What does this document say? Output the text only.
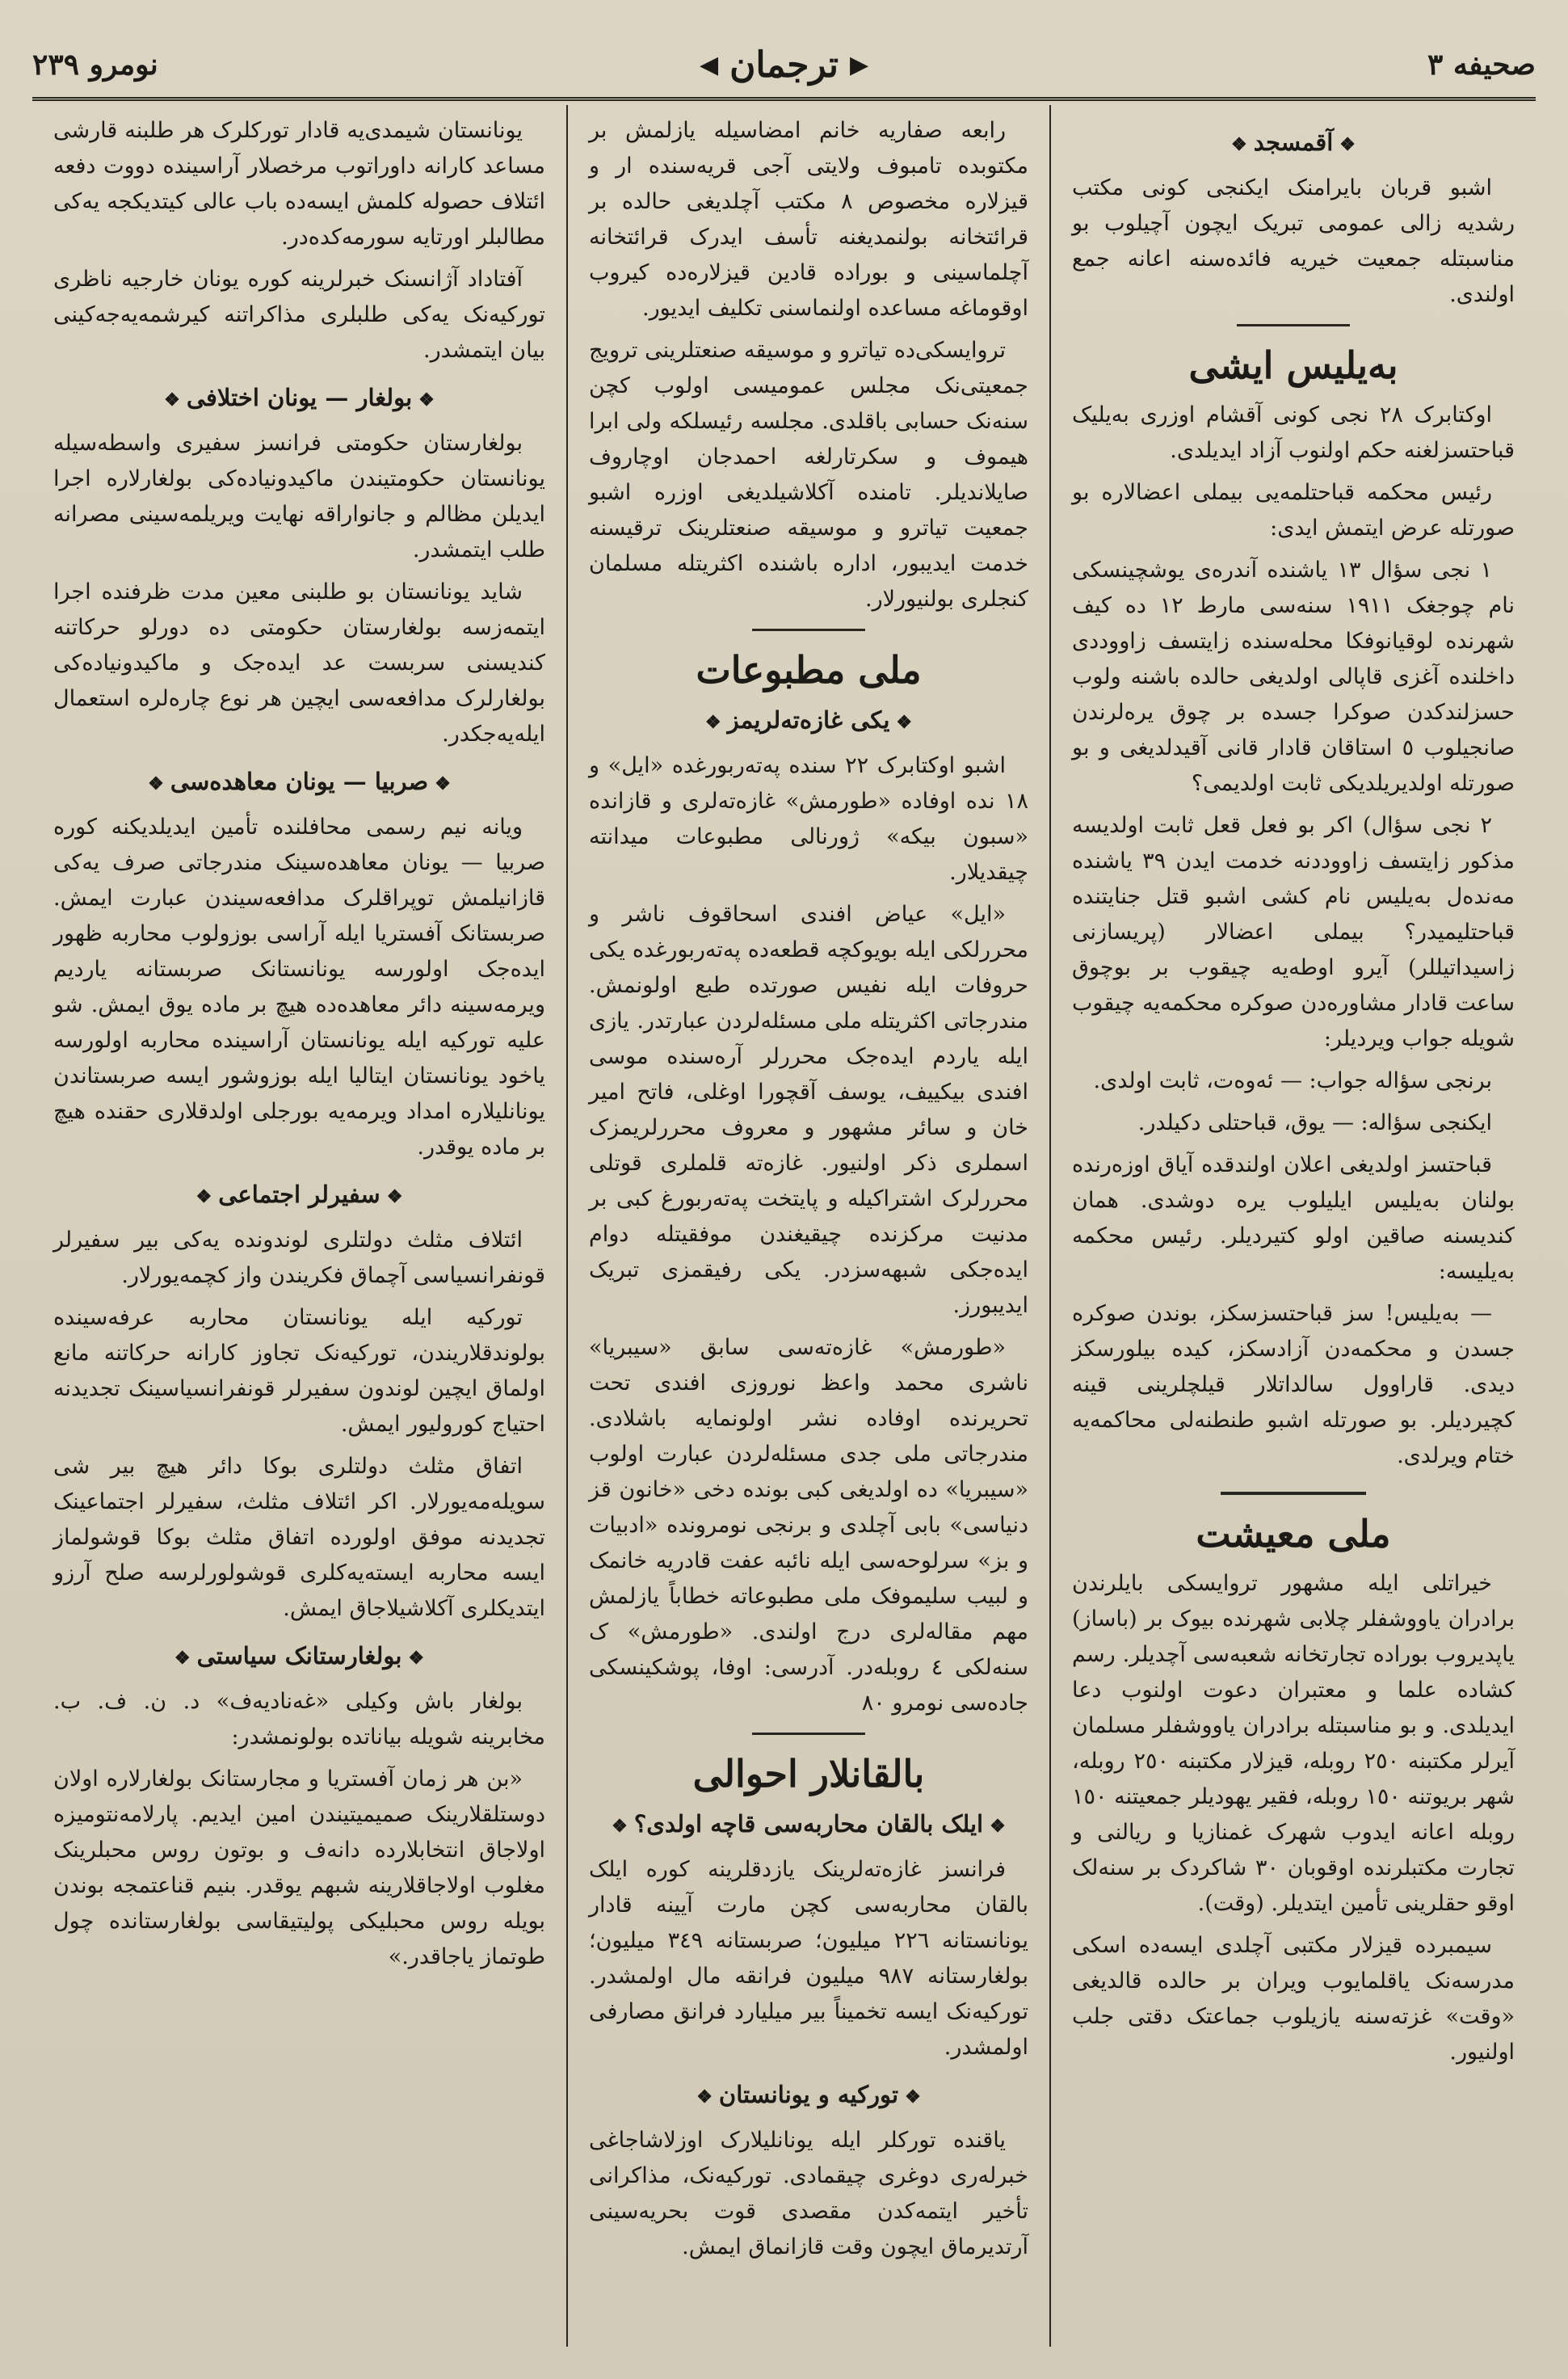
صحیفه ٣
▶
ترجمان
◀
نومرو ٢٣٩
❖آقمسجد❖

اشبو قربان بایرامنک ایکنجی کونی مکتب رشدیه زالی عمومی تبریک ایچون آچیلوب بو مناسبتله جمعیت خیریه فائده‌سنه اعانه جمع اولندی.

بەیلیس ایشی

اوکتابرک ٢٨ نجی کونی آقشام اوزری بەیلیک قباحتسزلغنه حکم اولنوب آزاد ایدیلدی.

رئیس محکمه قباحتلمەیی بیملی اعضالاره بو صورتله عرض ایتمش ایدی:

١ نجی سؤال ١٣ یاشنده آندرەی یوشچینسکی نام چوجغک ١٩١١ سنەسی مارط ١٢ ده کیف شهرنده لوقیانوفکا محله‌سنده زایتسف زاووددی داخلنده آغزی قاپالی اولدیغی حالده باشنه ولوب حسزلندکدن صوکرا جسده بر چوق یره‌لرندن صانجیلوب ٥ استاقان قادار قانی آقیدلدیغی و بو صورتله اولدیریلدیکی ثابت اولدیمی؟

٢ نجی سؤال) اکر بو فعل قعل ثابت اولدیسه مذکور زایتسف زاووددنه خدمت ایدن ٣٩ یاشنده مەندەل بەیلیس نام کشی اشبو قتل جنایتنده قباحتلیمیدر؟ بیملی اعضالار (پریسازنی زاسیداتیللر) آیرو اوطه‌یه چیقوب بر بوچوق ساعت قادار مشاوره‌دن صوکره محکمه‌یه چیقوب شویله جواب ویردیلر:

برنجی سؤاله جواب: — ئەوەت، ثابت اولدی.

ایکنجی سؤاله: — یوق، قباحتلی دکیلدر.

قباحتسز اولدیغی اعلان اولندقده آیاق اوزەرنده بولنان بەیلیس ایلیلوب یره دوشدی. همان کندیسنه صاقین اولو کتیردیلر. رئیس محکمه بەیلیسه:

— بەیلیس! سز قباحتسزسکز، بوندن صوکره جسدن و محکمه‌دن آزادسکز، کیده بیلورسکز دیدی. قاراوول سالداتلار قیلچلرینی قینه کچیردیلر. بو صورتله اشبو طنطنه‌لی محاکمه‌یه ختام ویرلدی.

ملی معیشت

خیراتلی ایله مشهور تروایسکی بایلرندن برادران یاووشفلر چلابی شهرنده بیوک بر (باساز) یاپدیروب بوراده تجارتخانه شعبه‌سی آچدیلر. رسم کشاده علما و معتبران دعوت اولنوب دعا ایدیلدی. و بو مناسبتله برادران یاووشفلر مسلمان آیرلر مکتبنه ٢٥٠ روبله، قیزلار مکتبنه ٢٥٠ روبله، شهر بریوتنه ١٥٠ روبله، فقیر یهودیلر جمعیتنه ١٥٠ روبله اعانه ایدوب شهرک غمنازیا و ریالنی و تجارت مکتبلرنده اوقوبان ٣٠ شاکردک بر سنه‌لک اوقو حقلرینی تأمین ایتدیلر. (وقت).

سیمبرده قیزلار مکتبی آچلدی ایسه‌ده اسکی مدرسه‌نک یاقلمایوب ویران بر حالده قالدیغی «وقت» غزته‌سنه یازیلوب جماعتک دقتی جلب اولنیور.

رابعه صفاریه خانم امضاسیله یازلمش بر مکتوبده تامبوف ولایتی آجی قریه‌سنده ار و قیزلاره مخصوص ٨ مکتب آچلدیغی حالده بر قرائتخانه بولنمدیغنه تأسف ایدرک قرائتخانه آچلماسینی و بوراده قادین قیزلاره‌ده کیروب اوقوماغه مساعده اولنماسنی تکلیف ایدیور.

تروایسکی‌ده تیاترو و موسیقه صنعتلرینی ترویج جمعیتی‌نک مجلس عمومیسی اولوب کچن سنه‌نک حسابی باقلدی. مجلسه رئیسلکه ولی ابرا هیموف و سکرتارلغه احمدجان اوچاروف صایلاندیلر. تامنده آکلاشیلدیغی اوزره اشبو جمعیت تیاترو و موسیقه صنعتلرینک ترقیسنه خدمت ایدیبور، اداره باشنده اکثریتله مسلمان کنجلری بولنیورلار.

ملی مطبوعات
❖یکی غازه‌ته‌لریمز❖

اشبو اوکتابرک ٢٢ سنده پەتەربورغده «ایل» و ١٨ نده اوفاده «طورمش» غازه‌ته‌لری و قازانده «سبون بیکه» ژورنالی مطبوعات میدانته چیقدیلار.

«ایل» عیاض افندی اسحاقوف ناشر و محررلکی ایله بویوکچه قطعه‌ده پەتەربورغده یکی حروفات ایله نفیس صورتده طبع اولونمش. مندرجاتی اکثریتله ملی مسئله‌لردن عبارتدر. یازی ایله یاردم ایده‌جک محررلر آره‌سنده موسی افندی بیکییف، یوسف آقچورا اوغلی، فاتح امیر خان و سائر مشهور و معروف محررلریمزک اسملری ذکر اولنیور. غازه‌ته قلملری قوتلی محررلرک اشتراکیله و پایتخت پەتەربورغ کبی بر مدنیت مرکزنده چیقیغندن موفقیتله دوام ایده‌جکی شبهه‌سزدر. یکی رفیقمزی تبریک ایدیبورز.

«طورمش» غازه‌ته‌سی سابق «سیبریا» ناشری محمد واعظ نوروزی افندی تحت تحریرنده اوفاده نشر اولونمایه باشلادی. مندرجاتی ملی جدی مسئله‌لردن عبارت اولوب «سیبریا» ده اولدیغی کبی بونده دخی «خانون قز دنیاسی» بابی آچلدی و برنجی نومرونده «ادبیات و بز» سرلوحه‌سی ایله نائبه عفت قادریه خانمک و لبیب سلیموفک ملی مطبوعاته خطاباً یازلمش مهم مقاله‌لری درج اولندی. «طورمش» ک سنه‌لکی ٤ روبله‌در. آدرسی: اوفا، پوشکینسکی جاده‌سی نومرو ٨٠

بالقانلار احوالی
❖ایلک بالقان محاربه‌سی قاچه اولدی؟❖

فرانسز غازه‌ته‌لرینک یازدقلرینه کوره ایلک بالقان محاربه‌سی کچن مارت آیینه قادار یونانستانه ٢٢٦ میلیون؛ صربستانه ٣٤٩ میلیون؛ بولغارستانه ٩٨٧ میلیون فرانقه مال اولمشدر. تورکیه‌نک ایسه تخمیناً بیر میلیارد فرانق مصارفی اولمشدر.

❖تورکیه و یونانستان❖

یاقنده تورکلر ایله یونانلیلارک اوزلاشاجاغی خبرلەری دوغری چیقمادی. تورکیه‌نک، مذاکرانی تأخیر ایتمه‌کدن مقصدی قوت بحریه‌سینی آرتدیرماق ایچون وقت قازانماق ایمش.

یونانستان شیمدی‌یه قادار تورکلرک هر طلبنه قارشی مساعد کارانه داوراتوب مرخصلار آراسینده دووت دفعه ائتلاف حصوله کلمش ایسه‌ده باب عالی کیتدیکجه یه‌کی مطالبلر اورتایه سورمه‌کده‌در.

آفتاداد آژانسنک خبرلرینه کوره یونان خارجیه ناظری تورکیه‌نک یه‌کی طلبلری مذاکراتنه کیرشمه‌یه‌جه‌کینی بیان ایتمشدر.

❖بولغار — یونان اختلافی❖

بولغارستان حکومتی فرانسز سفیری واسطه‌سیله یونانستان حکومتیندن ماکیدونیاده‌کی بولغارلاره اجرا ایدیلن مظالم و جانواراقه نهایت ویریلمه‌سینی مصرانه طلب ایتمشدر.

شاید یونانستان بو طلبنی معین مدت ظرفنده اجرا ایتمه‌زسه بولغارستان حکومتی ده دورلو حرکاتنه کندیسنی سربست عد ایده‌جک و ماکیدونیاده‌کی بولغارلرک مدافعه‌سی ایچین هر نوع چاره‌لره استعمال ایله‌یه‌جکدر.

❖صربیا — یونان معاهده‌سی❖

ویانه نیم رسمی محافلنده تأمین ایدیلدیکنه کوره صربیا — یونان معاهده‌سینک مندرجاتی صرف یه‌کی قازانیلمش توپراقلرک مدافعه‌سیندن عبارت ایمش. صربستانک آفستریا ایله آراسی بوزولوب محاربه ظهور ایده‌جک اولورسه یونانستانک صربستانه یاردیم ویرمه‌سینه دائر معاهده‌ده هیچ بر ماده یوق ایمش. شو علیه تورکیه ایله یونانستان آراسینده محاربه اولورسه یاخود یونانستان ایتالیا ایله بوزوشور ایسه صربستاندن یونانلیلاره امداد ویرمه‌یه بورجلی اولدقلاری حقنده هیچ بر ماده یوقدر.

❖سفیرلر اجتماعی❖

ائتلاف مثلث دولتلری لوندونده یه‌کی بیر سفیرلر قونفرانسیاسی آچماق فکریندن واز کچمه‌یورلار.

تورکیه ایله یونانستان محاربه عرفه‌سینده بولوندقلاریندن، تورکیه‌نک تجاوز کارانه حرکاتنه مانع اولماق ایچین لوندون سفیرلر قونفرانسیاسینک تجدیدنه احتیاج کورولیور ایمش.

اتفاق مثلث دولتلری بوکا دائر هیچ بیر شی سویله‌مه‌یورلار. اکر ائتلاف مثلث، سفیرلر اجتماعینک تجدیدنه موفق اولورده اتفاق مثلث بوکا قوشولماز ایسه محاربه ایسته‌یه‌کلری قوشولورلرسه صلح آرزو ایتدیکلری آکلاشیلاجاق ایمش.

❖بولغارستانک سیاستی❖

بولغار باش وکیلی «غه‌نادیه‌ف» د. ن. ف. ب. مخابرینه شویله بیاناتده بولونمشدر:

«بن هر زمان آفستریا و مجارستانک بولغارلاره اولان دوستلقلارینک صمیمیتیندن امین ایدیم. پارلامەنتومیزه اولاجاق انتخابلارده دانه‌ف و بوتون روس محبلرینک مغلوب اولاجاقلارینه شبهم یوقدر. بنیم قناعتمجه بوندن بویله روس محبلیکی پولیتیقاسی بولغارستانده چول طوتماز یاجاقدر.»
